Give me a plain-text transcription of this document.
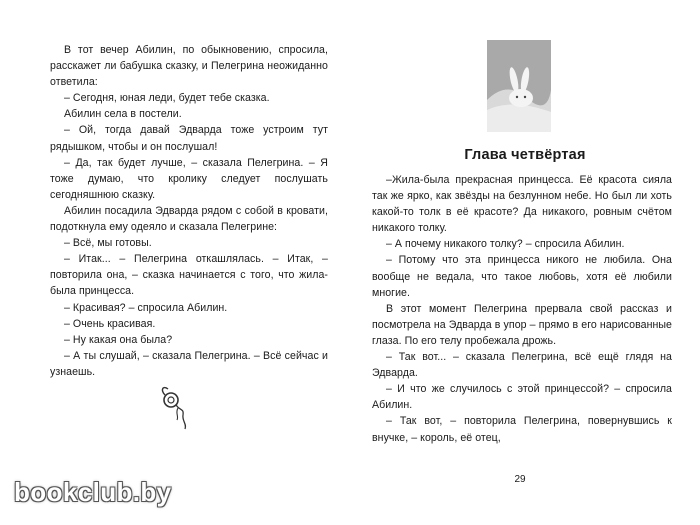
В тот вечер Абилин, по обыкновению, спросила, расскажет ли бабушка сказку, и Пелегрина неожиданно ответила:

– Сегодня, юная леди, будет тебе сказка.

Абилин села в постели.

– Ой, тогда давай Эдварда тоже устроим тут рядышком, чтобы и он послушал!

– Да, так будет лучше, – сказала Пелегрина. – Я тоже думаю, что кролику следует послушать сегодняшнюю сказку.

Абилин посадила Эдварда рядом с собой в кровати, подоткнула ему одеяло и сказала Пелегрине:

– Всё, мы готовы.

– Итак... – Пелегрина откашлялась. – Итак, – повторила она, – сказка начинается с того, что жила-была принцесса.

– Красивая? – спросила Абилин.

– Очень красивая.

– Ну какая она была?

– А ты слушай, – сказала Пелегрина. – Всё сейчас и узнаешь.

bookclub.by
Глава четвёртая

–Жила-была прекрасная принцесса. Её красота сияла так же ярко, как звёзды на безлунном небе. Но был ли хоть какой-то толк в её красоте? Да никакого, ровным счётом никакого толку.

– А почему никакого толку? – спросила Абилин.

– Потому что эта принцесса никого не любила. Она вообще не ведала, что такое любовь, хотя её любили многие.

В этот момент Пелегрина прервала свой рассказ и посмотрела на Эдварда в упор – прямо в его нарисованные глаза. По его телу пробежала дрожь.

– Так вот... – сказала Пелегрина, всё ещё глядя на Эдварда.

– И что же случилось с этой принцессой? – спросила Абилин.

– Так вот, – повторила Пелегрина, повернувшись к внучке, – король, её отец,

29
